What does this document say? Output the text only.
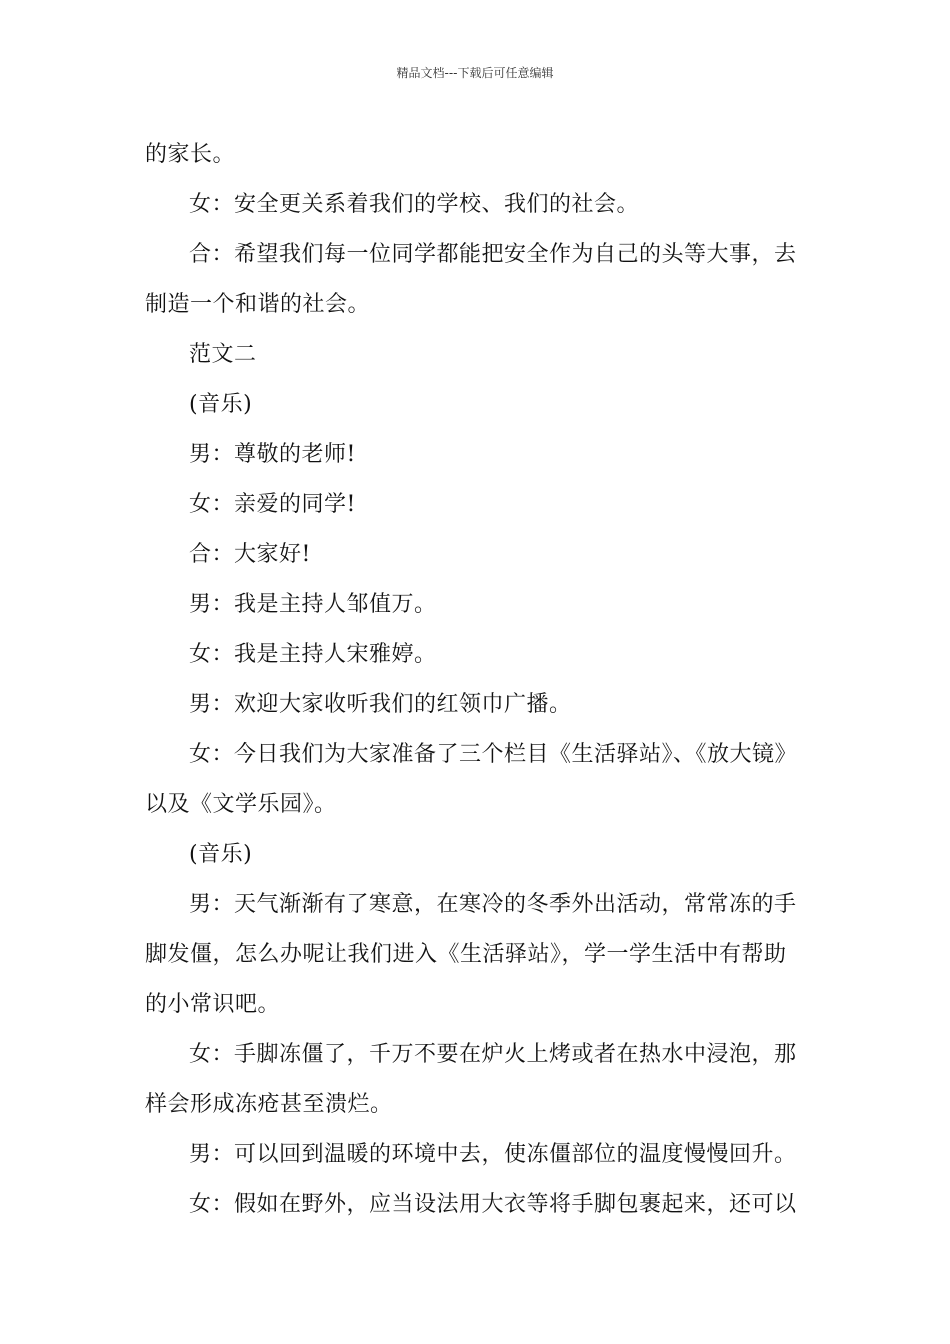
精品文档---下载后可任意编辑

的家长。

女：安全更关系着我们的学校、我们的社会。

合：希望我们每一位同学都能把安全作为自己的头等大事，去制造一个和谐的社会。

范文二

(音乐)

男：尊敬的老师!

女：亲爱的同学!

合：大家好!

男：我是主持人邹值万。

女：我是主持人宋雅婷。

男：欢迎大家收听我们的红领巾广播。

女：今日我们为大家准备了三个栏目《生活驿站》、《放大镜》以及《文学乐园》。

(音乐)

男：天气渐渐有了寒意，在寒冷的冬季外出活动，常常冻的手脚发僵，怎么办呢让我们进入《生活驿站》，学一学生活中有帮助的小常识吧。

女：手脚冻僵了，千万不要在炉火上烤或者在热水中浸泡，那样会形成冻疮甚至溃烂。

男：可以回到温暖的环境中去，使冻僵部位的温度慢慢回升。

女：假如在野外，应当设法用大衣等将手脚包裹起来，还可以
